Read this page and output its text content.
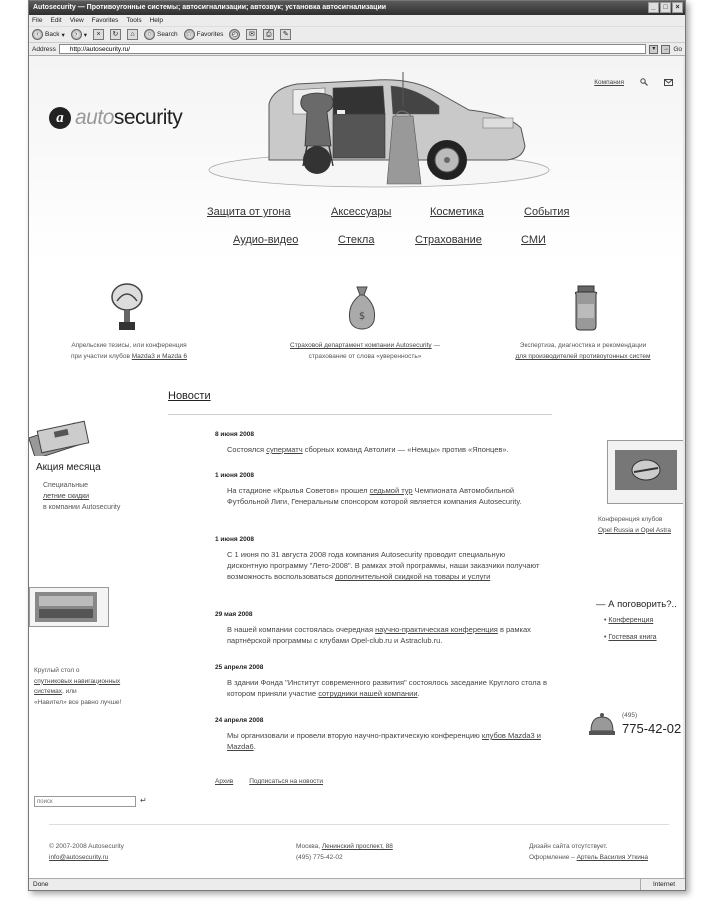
Autosecurity — Противоугонные системы; автосигнализации; автозвук; установка автосигнализации	_	□	×
File Edit View Favorites Tools Help
‹ Back ▾	› ▾	×	↻	⌂	○ Search	☆ Favorites	◴	✉	⎙	✎
Address
http://autosecurity.ru/	▾	→ Go
a autosecurity
Компания
Защита от угона	Аксессуары	Косметика	События
Аудио-видео	Стекла	Страхование	СМИ
$
Апрельские тезисы, или конференция
при участии клубов Mazda3 и Mazda 6
Страховой департамент компании Autosecurity —
страхование от слова «уверенность»
Экспертиза, диагностика и рекомендации
для производителей противоугонных систем
Новости
8 июня 2008
Состоялся суперматч сборных команд Автолиги — «Немцы» против «Японцев».
1 июня 2008
На стадионе «Крылья Советов» прошел седьмой тур Чемпионата Автомобильной Футбольной Лиги, Генеральным спонсором которой является компания Autosecurity.
1 июня 2008
С 1 июня по 31 августа 2008 года компания Autosecurity проводит специальную дисконтную программу "Лето-2008". В рамках этой программы, наши заказчики получают возможность воспользоваться дополнительной скидкой на товары и услуги
29 мая 2008
В нашей компании состоялась очередная научно-практическая конференция в рамках партнёрской программы с клубами Opel-club.ru и Astraclub.ru.
25 апреля 2008
В здании Фонда "Институт современного развития" состоялось заседание Круглого стола в котором приняли участие сотрудники нашей компании.
24 апреля 2008
Мы организовали и провели вторую научно-практическую конференцию клубов Mazda3 и Mazda6.
Архив Подписаться на новости
Акция месяца
Специальные
летние скидки
в компании Autosecurity
Круглый стол о
спутниковых навигационных
системах, или
«Навител» все равно лучше!
поиск
↵
Конференция клубов
Opel Russia и Opel Astra
— А поговорить?..
• Конференция
• Гостевая книга
(495)
775-42-02
© 2007-2008 Autosecurity
info@autosecurity.ru
Москва, Ленинский проспект, 88
(495) 775-42-02
Дизайн сайта отсутствует.
Оформление – Артель Василия Уткина
Done	Internet
